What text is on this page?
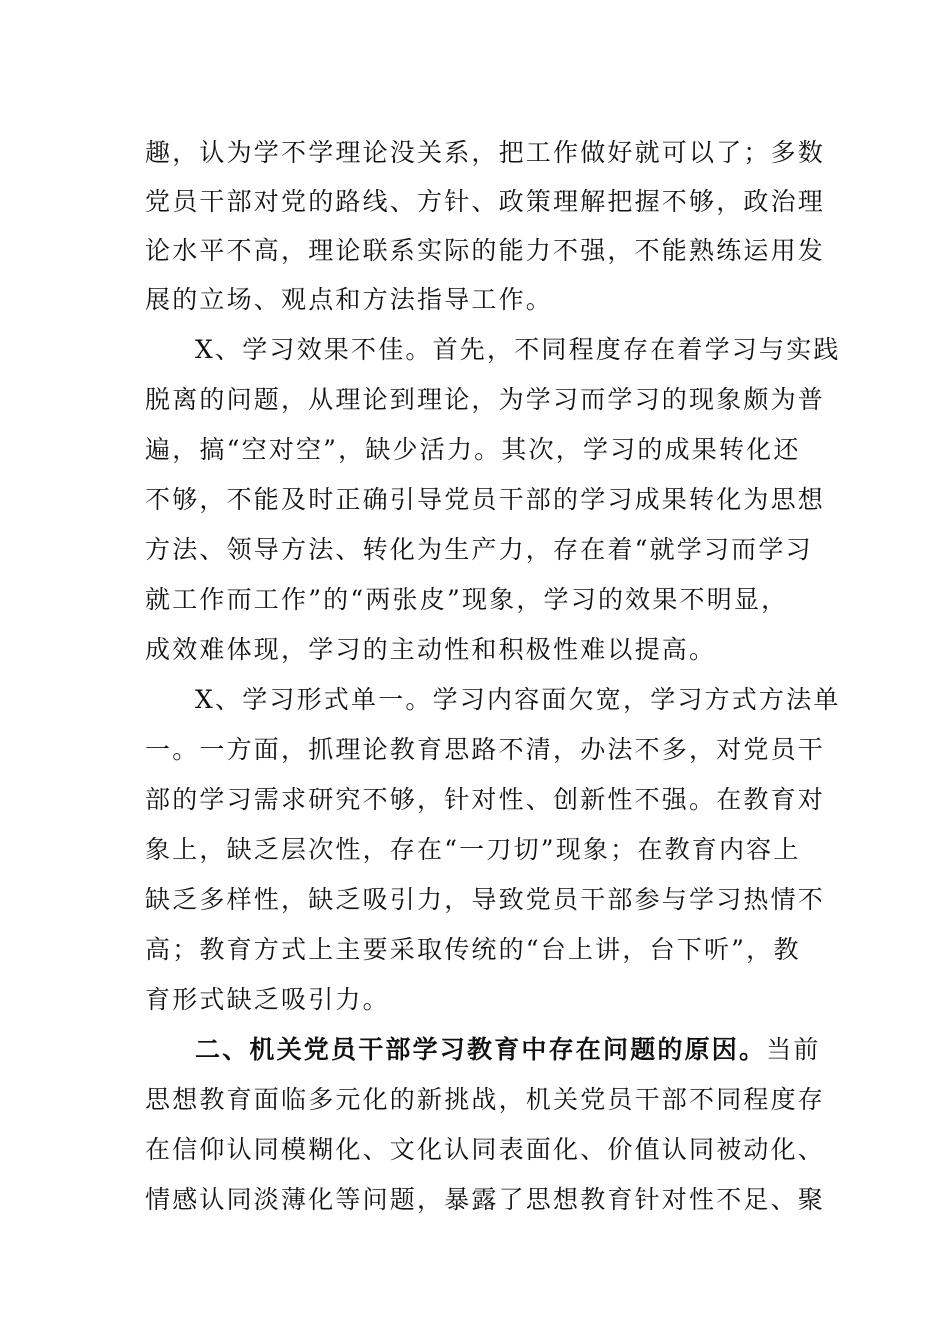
趣，认为学不学理论没关系，把工作做好就可以了；多数
党员干部对党的路线、方针、政策理解把握不够，政治理
论水平不高，理论联系实际的能力不强，不能熟练运用发
展的立场、观点和方法指导工作。
X、学习效果不佳。首先，不同程度存在着学习与实践
脱离的问题，从理论到理论，为学习而学习的现象颇为普
遍，搞“空对空”，缺少活力。其次，学习的成果转化还
不够，不能及时正确引导党员干部的学习成果转化为思想
方法、领导方法、转化为生产力，存在着“就学习而学习
就工作而工作”的“两张皮”现象，学习的效果不明显，
成效难体现，学习的主动性和积极性难以提高。
X、学习形式单一。学习内容面欠宽，学习方式方法单
一。一方面，抓理论教育思路不清，办法不多，对党员干
部的学习需求研究不够，针对性、创新性不强。在教育对
象上，缺乏层次性，存在“一刀切”现象；在教育内容上
缺乏多样性，缺乏吸引力，导致党员干部参与学习热情不
高；教育方式上主要采取传统的“台上讲，台下听”，教
育形式缺乏吸引力。
二、机关党员干部学习教育中存在问题的原因。当前
思想教育面临多元化的新挑战，机关党员干部不同程度存
在信仰认同模糊化、文化认同表面化、价值认同被动化、
情感认同淡薄化等问题，暴露了思想教育针对性不足、聚
